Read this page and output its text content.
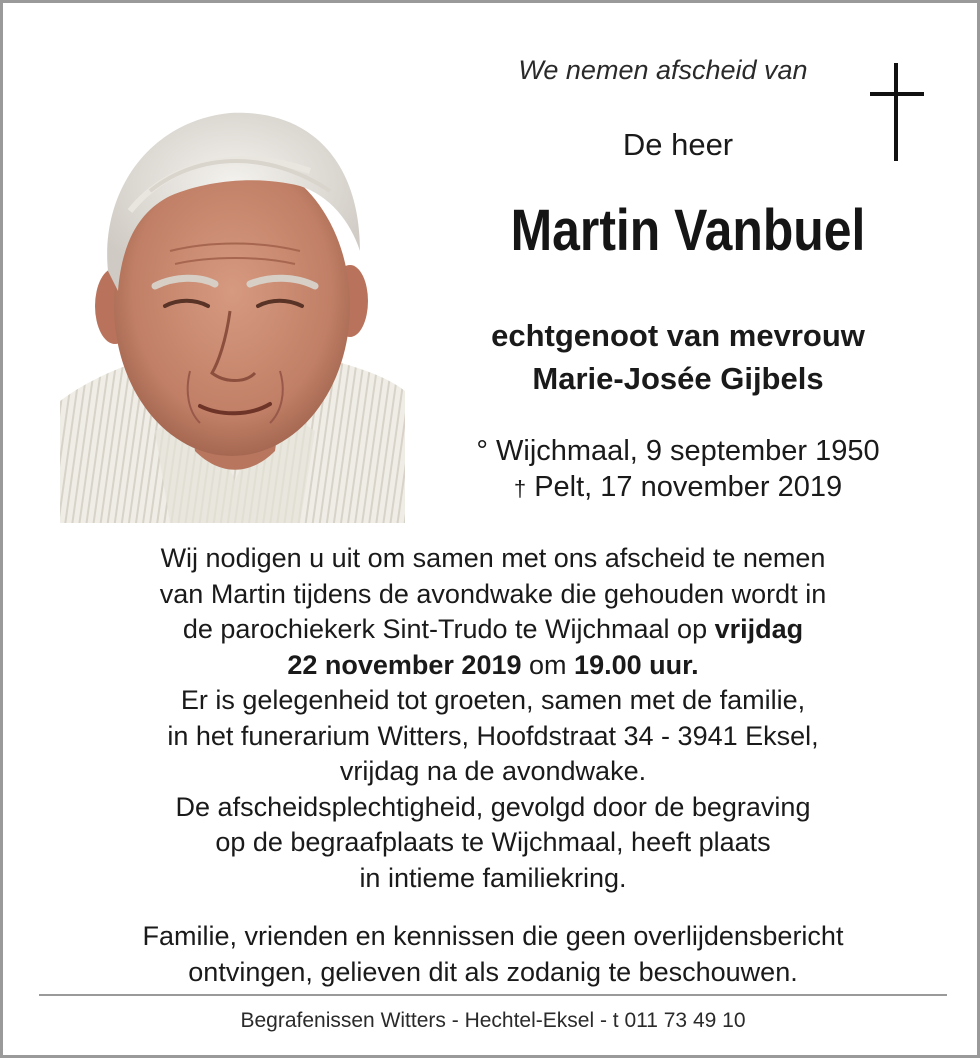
We nemen afscheid van
De heer
Martin Vanbuel
echtgenoot van mevrouw
Marie-Josée Gijbels
° Wijchmaal, 9 september 1950
† Pelt, 17 november 2019
Wij nodigen u uit om samen met ons afscheid te nemen
van Martin tijdens de avondwake die gehouden wordt in
de parochiekerk Sint-Trudo te Wijchmaal op vrijdag
22 november 2019 om 19.00 uur.
Er is gelegenheid tot groeten, samen met de familie,
in het funerarium Witters, Hoofdstraat 34 - 3941 Eksel,
vrijdag na de avondwake.
De afscheidsplechtigheid, gevolgd door de begraving
op de begraafplaats te Wijchmaal, heeft plaats
in intieme familiekring.
Familie, vrienden en kennissen die geen overlijdensbericht
ontvingen, gelieven dit als zodanig te beschouwen.
Begrafenissen Witters - Hechtel-Eksel - t 011 73 49 10
